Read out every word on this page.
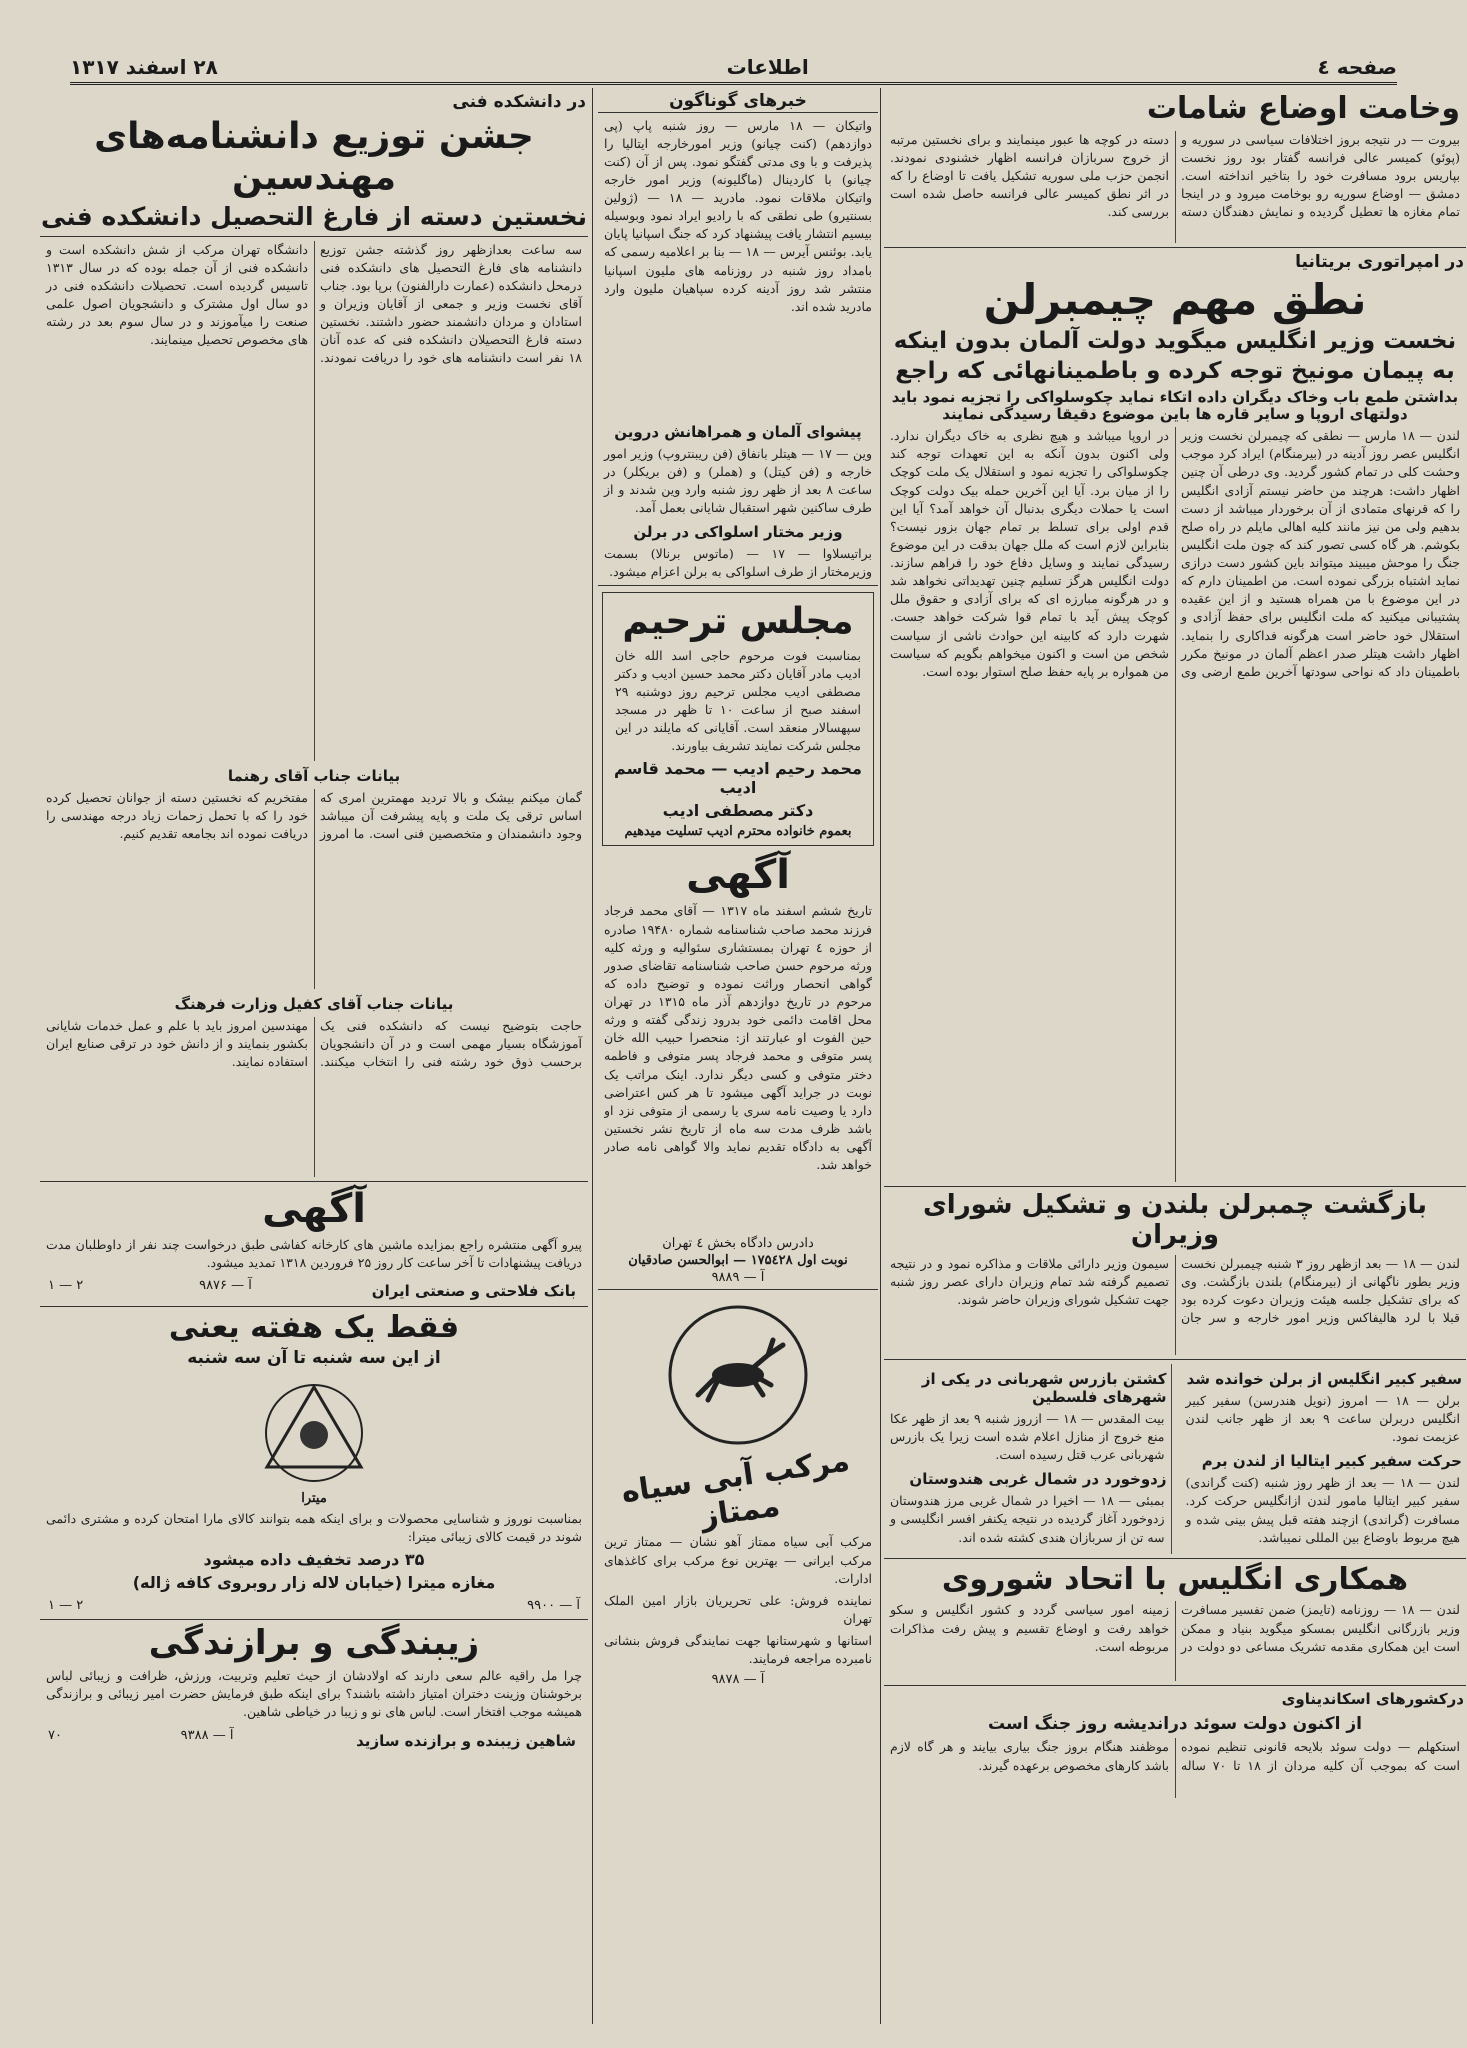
صفحه ٤
اطلاعات
۲۸ اسفند ۱۳۱۷
وخامت اوضاع شامات
بیروت — در نتیجه بروز اختلافات سیاسی در سوریه و (پوئو) کمیسر عالی فرانسه گفتار بود روز نخست بپاریس برود مسافرت خود را بتاخیر انداخته است. دمشق — اوضاع سوریه رو بوخامت میرود و در اینجا تمام مغازه ها تعطیل گردیده و نمایش دهندگان دسته دسته در کوچه ها عبور مینمایند و برای نخستین مرتبه از خروج سربازان فرانسه اظهار خشنودی نمودند. انجمن حزب ملی سوریه تشکیل یافت تا اوضاع را که در اثر نطق کمیسر عالی فرانسه حاصل شده است بررسی کند.
در امپراتوری بریتانیا
نطق مهم چیمبرلن
نخست وزیر انگلیس میگوید دولت آلمان بدون اینکه
به پیمان مونیخ توجه کرده و باطمینانهائی که راجع
بداشتن طمع باب وخاک دیگران داده اتکاء نماید چکوسلواکی را تجزیه نمود باید دولتهای اروپا و سایر قاره ها باین موضوع دقیقا رسیدگی نمایند
لندن — ۱۸ مارس — نطقی که چیمبرلن نخست وزیر انگلیس عصر روز آدینه در (بیرمنگام) ایراد کرد موجب وحشت کلی در تمام کشور گردید. وی درطی آن چنین اظهار داشت: هرچند من حاضر نیستم آزادی انگلیس را که قرنهای متمادی از آن برخوردار میباشد از دست بدهیم ولی من نیز مانند کلیه اهالی مایلم در راه صلح بکوشم. هر گاه کسی تصور کند که چون ملت انگلیس جنگ را موحش میبیند میتواند باین کشور دست درازی نماید اشتباه بزرگی نموده است. من اطمینان دارم که در این موضوع با من همراه هستید و از این عقیده پشتیبانی میکنید که ملت انگلیس برای حفظ آزادی و استقلال خود حاضر است هرگونه فداکاری را بنماید. اظهار داشت هیتلر صدر اعظم آلمان در مونیخ مکرر باطمینان داد که نواحی سودتها آخرین طمع ارضی وی در اروپا میباشد و هیچ نظری به خاک دیگران ندارد. ولی اکنون بدون آنکه به این تعهدات توجه کند چکوسلواکی را تجزیه نمود و استقلال یک ملت کوچک را از میان برد. آیا این آخرین حمله بیک دولت کوچک است یا حملات دیگری بدنبال آن خواهد آمد؟ آیا این قدم اولی برای تسلط بر تمام جهان بزور نیست؟ بنابراین لازم است که ملل جهان بدقت در این موضوع رسیدگی نمایند و وسایل دفاع خود را فراهم سازند. دولت انگلیس هرگز تسلیم چنین تهدیداتی نخواهد شد و در هرگونه مبارزه ای که برای آزادی و حقوق ملل کوچک پیش آید با تمام قوا شرکت خواهد جست. شهرت دارد که کابینه این حوادث ناشی از سیاست شخص من است و اکنون میخواهم بگویم که سیاست من همواره بر پایه حفظ صلح استوار بوده است.
بازگشت چمبرلن بلندن و تشکیل شورای وزیران
لندن — ۱۸ — بعد ازظهر روز ۳ شنبه چیمبرلن نخست وزیر بطور ناگهانی از (بیرمنگام) بلندن بازگشت. وی که برای تشکیل جلسه هیئت وزیران دعوت کرده بود قبلا با لرد هالیفاکس وزیر امور خارجه و سر جان سیمون وزیر دارائی ملاقات و مذاکره نمود و در نتیجه تصمیم گرفته شد تمام وزیران دارای عصر روز شنبه جهت تشکیل شورای وزیران حاضر شوند.
سفیر کبیر انگلیس از برلن خوانده شد
برلن — ۱۸ — امروز (نویل هندرسن) سفیر کبیر انگلیس دربرلن ساعت ۹ بعد از ظهر جانب لندن عزیمت نمود.
حرکت سفیر کبیر ایتالیا از لندن برم
لندن — ۱۸ — بعد از ظهر روز شنبه (کنت گراندی) سفیر کبیر ایتالیا مامور لندن ازانگلیس حرکت کرد. مسافرت (گراندی) ازچند هفته قبل پیش بینی شده و هیچ مربوط باوضاع بین المللی نمیباشد.
کشتن بازرس شهربانی در یکی از شهرهای فلسطین
بیت المقدس — ۱۸ — ازروز شنبه ۹ بعد از ظهر عکا منع خروج از منازل اعلام شده است زیرا یک بازرس شهربانی عرب قتل رسیده است.
زدوخورد در شمال غربی هندوستان
بمبئی — ۱۸ — اخیرا در شمال غربی مرز هندوستان زدوخورد آغاز گردیده در نتیجه یکنفر افسر انگلیسی و سه تن از سربازان هندی کشته شده اند.
همکاری انگلیس با اتحاد شوروی
لندن — ۱۸ — روزنامه (تایمز) ضمن تفسیر مسافرت وزیر بازرگانی انگلیس بمسکو میگوید بنیاد و ممکن است این همکاری مقدمه تشریک مساعی دو دولت در زمینه امور سیاسی گردد و کشور انگلیس و سکو خواهد رفت و اوضاع تقسیم و پیش رفت مذاکرات مربوطه است.
درکشورهای اسکاندیناوی
از اکنون دولت سوئد درانديشه روز جنگ است
استکهلم — دولت سوئد بلایحه قانونی تنظیم نموده است که بموجب آن کلیه مردان از ۱۸ تا ۷۰ ساله موظفند هنگام بروز جنگ بیاری بیایند و هر گاه لازم باشد کارهای مخصوص برعهده گیرند.
خبرهای گوناگون
واتیکان — ۱۸ مارس — روز شنبه پاپ (پی دوازدهم) (کنت چیانو) وزیر امورخارجه ایتالیا را پذیرفت و با وی مدتی گفتگو نمود. پس از آن (کنت چیانو) با کاردینال (ماگلیونه) وزیر امور خارجه واتیکان ملاقات نمود. مادرید — ۱۸ — (ژولین بسنتیرو) طی نطقی که با رادیو ایراد نمود وبوسیله بیسیم انتشار یافت پیشنهاد کرد که جنگ اسپانیا پایان یابد. بوئنس آیرس — ۱۸ — بنا بر اعلامیه رسمی که بامداد روز شنبه در روزنامه های ملیون اسپانیا منتشر شد روز آدینه کرده سپاهیان ملیون وارد مادرید شده اند.
پیشوای آلمان و همراهانش دروین
وین — ۱۷ — هیتلر بانفاق (فن ریبنتروپ) وزیر امور خارجه و (فن کیتل) و (هملر) و (فن بریکلر) در ساعت ۸ بعد از ظهر روز شنبه وارد وین شدند و از طرف ساکنین شهر استقبال شایانی بعمل آمد.
وزیر مختار اسلواکی در برلن
براتیسلاوا — ۱۷ — (ماتوس برنالا) بسمت وزیرمختار از طرف اسلواکی به برلن اعزام میشود.
مجلس ترحیم
بمناسبت فوت مرحوم حاجی اسد الله خان ادیب مادر آقایان دکتر محمد حسین ادیب و دکتر مصطفی ادیب مجلس ترحیم روز دوشنبه ۲۹ اسفند صبح از ساعت ۱۰ تا ظهر در مسجد سپهسالار منعقد است. آقایانی که مایلند در این مجلس شرکت نمایند تشریف بیاورند.
محمد رحیم ادیب — محمد قاسم ادیب
دکتر مصطفی ادیب
بعموم خانواده محترم ادیب تسلیت میدهیم
آگهی
تاریخ ششم اسفند ماه ۱۳۱۷ — آقای محمد فرجاد فرزند محمد صاحب شناسنامه شماره ۱۹۴۸۰ صادره از حوزه ٤ تهران بمستشاری سئوالیه و ورثه کلیه ورثه مرحوم حسن صاحب شناسنامه تقاضای صدور گواهی انحصار وراثت نموده و توضیح داده که مرحوم در تاریخ دوازدهم آذر ماه ۱۳۱۵ در تهران محل اقامت دائمی خود بدرود زندگی گفته و ورثه حین الفوت او عبارتند از: منحصرا حبیب الله خان پسر متوفی و محمد فرجاد پسر متوفی و فاطمه دختر متوفی و کسی دیگر ندارد. اینک مراتب یک نوبت در جراید آگهی میشود تا هر کس اعتراضی دارد یا وصیت نامه سری یا رسمی از متوفی نزد او باشد ظرف مدت سه ماه از تاریخ نشر نخستین آگهی به دادگاه تقدیم نماید والا گواهی نامه صادر خواهد شد.
دادرس دادگاه بخش ٤ تهران
نوبت اول ۱۷۵٤۲۸ — ابوالحسن صادقیان
آ — ۹۸۸۹
مرکب آبی سیاه ممتاز
مرکب آبی سیاه ممتاز آهو نشان — ممتاز ترین مرکب ایرانی — بهترین نوع مرکب برای کاغذهای ادارات.
نماینده فروش: علی تحریریان بازار امین الملک تهران
استانها و شهرستانها جهت نمایندگی فروش بنشانی نامبرده مراجعه فرمایند.
آ — ۹۸۷۸
در دانشکده فنی
جشن توزیع دانشنامه‌های مهندسین
نخستین دسته از فارغ التحصیل دانشکده فنی
سه ساعت بعدازظهر روز گذشته جشن توزیع دانشنامه های فارغ التحصیل های دانشکده فنی درمحل دانشکده (عمارت دارالفنون) برپا بود. جناب آقای نخست وزیر و جمعی از آقایان وزیران و استادان و مردان دانشمند حضور داشتند. نخستین دسته فارغ التحصیلان دانشکده فنی که عده آنان ۱۸ نفر است دانشنامه های خود را دریافت نمودند. دانشگاه تهران مرکب از شش دانشکده است و دانشکده فنی از آن جمله بوده که در سال ۱۳۱۳ تاسیس گردیده است. تحصیلات دانشکده فنی در دو سال اول مشترک و دانشجویان اصول علمی صنعت را میآموزند و در سال سوم بعد در رشته های مخصوص تحصیل مینمایند.
بیانات جناب آقای رهنما
گمان میکنم بیشک و بالا تردید مهمترین امری که اساس ترقی یک ملت و پایه پیشرفت آن میباشد وجود دانشمندان و متخصصین فنی است. ما امروز مفتخریم که نخستین دسته از جوانان تحصیل کرده خود را که با تحمل زحمات زیاد درجه مهندسی را دریافت نموده اند بجامعه تقدیم کنیم.
بیانات جناب آقای کفیل وزارت فرهنگ
حاجت بتوضیح نیست که دانشکده فنی یک آموزشگاه بسیار مهمی است و در آن دانشجویان برحسب ذوق خود رشته فنی را انتخاب میکنند. مهندسین امروز باید با علم و عمل خدمات شایانی بکشور بنمایند و از دانش خود در ترقی صنایع ایران استفاده نمایند.
آگهی
پیرو آگهی منتشره راجع بمزایده ماشین های کارخانه کفاشی طبق درخواست چند نفر از داوطلبان مدت دریافت پیشنهادات تا آخر ساعت کار روز ۲۵ فروردین ۱۳۱۸ تمدید میشود.
بانک فلاحتی و صنعتی ایران
آ — ۹۸۷۶
۲ — ۱
فقط یک هفته یعنی
از این سه شنبه تا آن سه شنبه
میترا
بمناسبت نوروز و شناسایی محصولات و برای اینکه همه بتوانند کالای مارا امتحان کرده و مشتری دائمی شوند در قیمت کالای زیبائی میترا:
۳۵ درصد تخفیف داده میشود
مغازه میترا (خیابان لاله زار روبروی کافه ژاله)
آ — ۹۹۰۰
۲ — ۱
زیبندگی و برازندگی
چرا مل راقیه عالم سعی دارند که اولادشان از حیث تعلیم وتربیت، ورزش، ظرافت و زیبائی لباس برخوشنان وزینت دختران امتیاز داشته باشند؟ برای اینکه طبق فرمایش حضرت امیر زیبائی و برازندگی همیشه موجب افتخار است. لباس های نو و زیبا در خیاطی شاهین.
شاهین زیبنده و برازنده سازید
آ — ۹۳۸۸
٧٠
